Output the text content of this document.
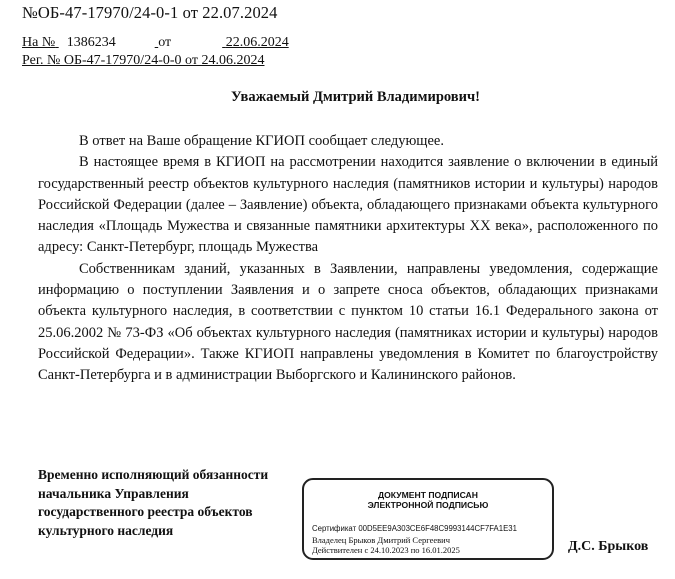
№ОБ-47-17970/24-0-1 от 22.07.2024
На № 1386234	от	22.06.2024
Рег. № ОБ-47-17970/24-0-0 от 24.06.2024
Уважаемый Дмитрий Владимирович!

В ответ на Ваше обращение КГИОП сообщает следующее.

В настоящее время в КГИОП на рассмотрении находится заявление о включении в единый государственный реестр объектов культурного наследия (памятников истории и культуры) народов Российской Федерации (далее – Заявление) объекта, обладающего признаками объекта культурного наследия «Площадь Мужества и связанные памятники архитектуры ХХ века», расположенного по адресу: Санкт-Петербург, площадь Мужества

Собственникам зданий, указанных в Заявлении, направлены уведомления, содержащие информацию о поступлении Заявления и о запрете сноса объектов, обладающих признаками объекта культурного наследия, в соответствии с пунктом 10 статьи 16.1 Федерального закона от 25.06.2002 № 73-ФЗ «Об объектах культурного наследия (памятниках истории и культуры) народов Российской Федерации». Также КГИОП направлены уведомления в Комитет по благоустройству Санкт-Петербурга и в администрации Выборгского и Калининского районов.

Временно исполняющий обязанности начальника Управления государственного реестра объектов культурного наследия
ДОКУМЕНТ ПОДПИСАН
ЭЛЕКТРОННОЙ ПОДПИСЬЮ
Сертификат 00D5EE9A303CE6F48C9993144CF7FA1E31
Владелец Брыков Дмитрий Сергеевич
Действителен с 24.10.2023 по 16.01.2025	Д.С. Брыков
